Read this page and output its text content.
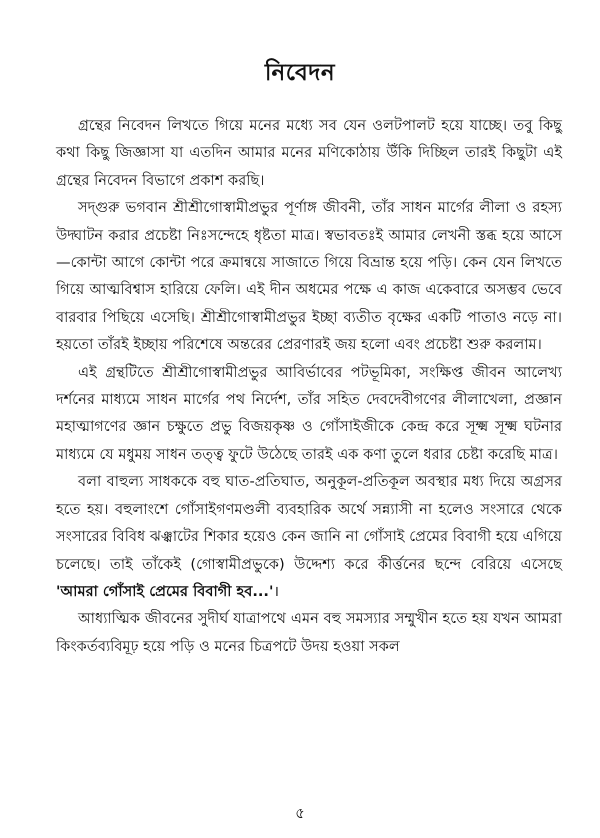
নিবেদন

গ্রন্থের নিবেদন লিখতে গিয়ে মনের মধ্যে সব যেন ওলটপালট হয়ে যাচ্ছে। তবু কিছু কথা কিছু জিজ্ঞাসা যা এতদিন আমার মনের মণিকোঠায় উঁকি দিচ্ছিল তারই কিছুটা এই গ্রন্থের নিবেদন বিভাগে প্রকাশ করছি।

সদ্গুরু ভগবান শ্রীশ্রীগোস্বামীপ্রভুর পূর্ণাঙ্গ জীবনী, তাঁর সাধন মার্গের লীলা ও রহস্য উদ্ঘাটন করার প্রচেষ্টা নিঃসন্দেহে ধৃষ্টতা মাত্র। স্বভাবতঃই আমার লেখনী স্তব্ধ হয়ে আসে —কোন্টা আগে কোন্টা পরে ক্রমান্বয়ে সাজাতে গিয়ে বিভ্রান্ত হয়ে পড়ি। কেন যেন লিখতে গিয়ে আত্মবিশ্বাস হারিয়ে ফেলি। এই দীন অধমের পক্ষে এ কাজ একেবারে অসম্ভব ভেবে বারবার পিছিয়ে এসেছি। শ্রীশ্রীগোস্বামীপ্রভুর ইচ্ছা ব্যতীত বৃক্ষের একটি পাতাও নড়ে না। হয়তো তাঁরই ইচ্ছায় পরিশেষে অন্তরের প্রেরণারই জয় হলো এবং প্রচেষ্টা শুরু করলাম।

এই গ্রন্থটিতে শ্রীশ্রীগোস্বামীপ্রভুর আবির্ভাবের পটভূমিকা, সংক্ষিপ্ত জীবন আলেখ্য দর্শনের মাধ্যমে সাধন মার্গের পথ নির্দেশ, তাঁর সহিত দেবদেবীগণের লীলাখেলা, প্রজ্ঞান মহাত্মাগণের জ্ঞান চক্ষুতে প্রভু বিজয়কৃষ্ণ ও গোঁসাইজীকে কেন্দ্র করে সূক্ষ্ম সূক্ষ্ম ঘটনার মাধ্যমে যে মধুময় সাধন তত্ত্ব ফুটে উঠেছে তারই এক কণা তুলে ধরার চেষ্টা করেছি মাত্র।

বলা বাহুল্য সাধককে বহু ঘাত-প্রতিঘাত, অনুকূল-প্রতিকূল অবস্থার মধ্য দিয়ে অগ্রসর হতে হয়। বহুলাংশে গোঁসাইগণমণ্ডলী ব্যবহারিক অর্থে সন্ন্যাসী না হলেও সংসারে থেকে সংসারের বিবিধ ঝঞ্ঝাটের শিকার হয়েও কেন জানি না গোঁসাই প্রেমের বিবাগী হয়ে এগিয়ে চলেছে। তাই তাঁকেই (গোস্বামীপ্রভুকে) উদ্দেশ্য করে কীর্ত্তনের ছন্দে বেরিয়ে এসেছে 'আমরা গোঁসাই প্রেমের বিবাগী হব...'।

আধ্যাত্মিক জীবনের সুদীর্ঘ যাত্রাপথে এমন বহু সমস্যার সম্মুখীন হতে হয় যখন আমরা কিংকর্তব্যবিমূঢ় হয়ে পড়ি ও মনের চিত্রপটে উদয় হওয়া সকল

৫
